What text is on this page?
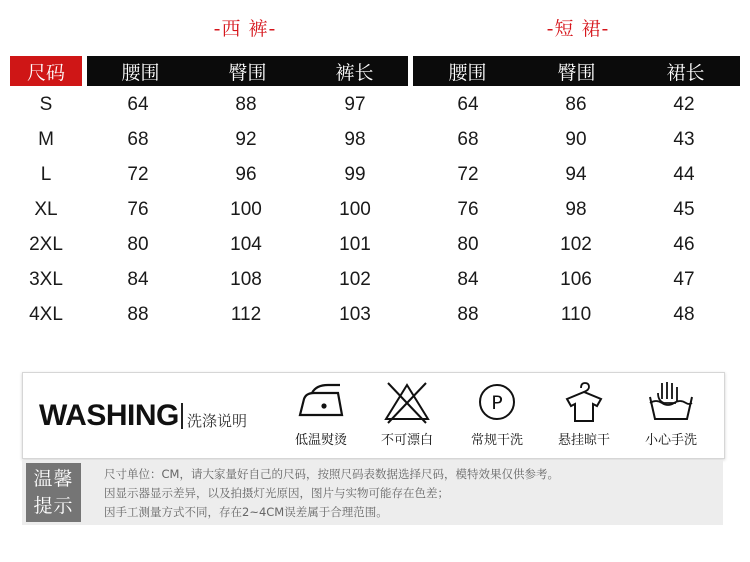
-西 裤-	-短 裙-
尺码	腰围	臀围	裤长	腰围	臀围	裙长
S	64	88	97	64	86	42
M	68	92	98	68	90	43
L	72	96	99	72	94	44
XL	76	100	100	76	98	45
2XL	80	104	101	80	102	46
3XL	84	108	102	84	106	47
4XL	88	112	103	88	110	48
WASHING 洗涤说明
低温熨烫	不可漂白
P
常规干洗	悬挂晾干	小心手洗
温馨
提示
尺寸单位：CM，请大家量好自己的尺码，按照尺码表数据选择尺码，模特效果仅供参考。
因显示器显示差异，以及拍摄灯光原因，图片与实物可能存在色差；
因手工测量方式不同，存在2~4CM误差属于合理范围。
